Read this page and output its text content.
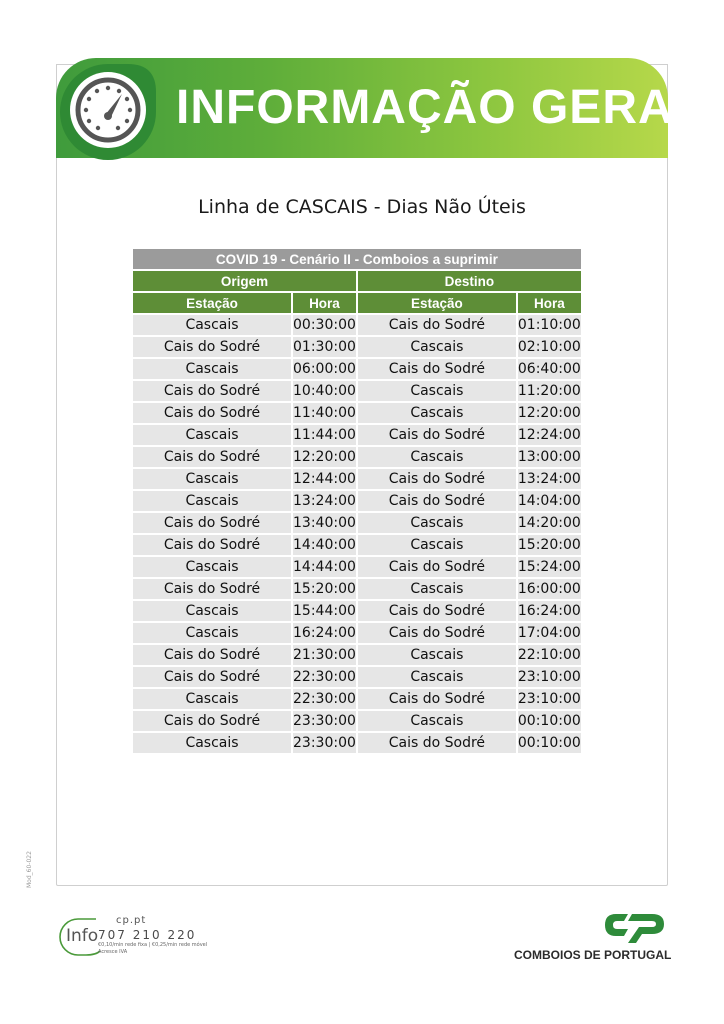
INFORMAÇÃO GERAL
Linha de CASCAIS - Dias Não Úteis
COVID 19 - Cenário II - Comboios a suprimir			
Origem		Destino	
Estação	Hora	Estação	Hora
Cascais	00:30:00	Cais do Sodré	01:10:00
Cais do Sodré	01:30:00	Cascais	02:10:00
Cascais	06:00:00	Cais do Sodré	06:40:00
Cais do Sodré	10:40:00	Cascais	11:20:00
Cais do Sodré	11:40:00	Cascais	12:20:00
Cascais	11:44:00	Cais do Sodré	12:24:00
Cais do Sodré	12:20:00	Cascais	13:00:00
Cascais	12:44:00	Cais do Sodré	13:24:00
Cascais	13:24:00	Cais do Sodré	14:04:00
Cais do Sodré	13:40:00	Cascais	14:20:00
Cais do Sodré	14:40:00	Cascais	15:20:00
Cascais	14:44:00	Cais do Sodré	15:24:00
Cais do Sodré	15:20:00	Cascais	16:00:00
Cascais	15:44:00	Cais do Sodré	16:24:00
Cascais	16:24:00	Cais do Sodré	17:04:00
Cais do Sodré	21:30:00	Cascais	22:10:00
Cais do Sodré	22:30:00	Cascais	23:10:00
Cascais	22:30:00	Cais do Sodré	23:10:00
Cais do Sodré	23:30:00	Cascais	00:10:00
Cascais	23:30:00	Cais do Sodré	00:10:00
Mod_60-022
Info
cp.pt
707 210 220
€0,10/min rede fixa | €0,25/min rede móvel
Acresce IVA	COMBOIOS DE PORTUGAL
